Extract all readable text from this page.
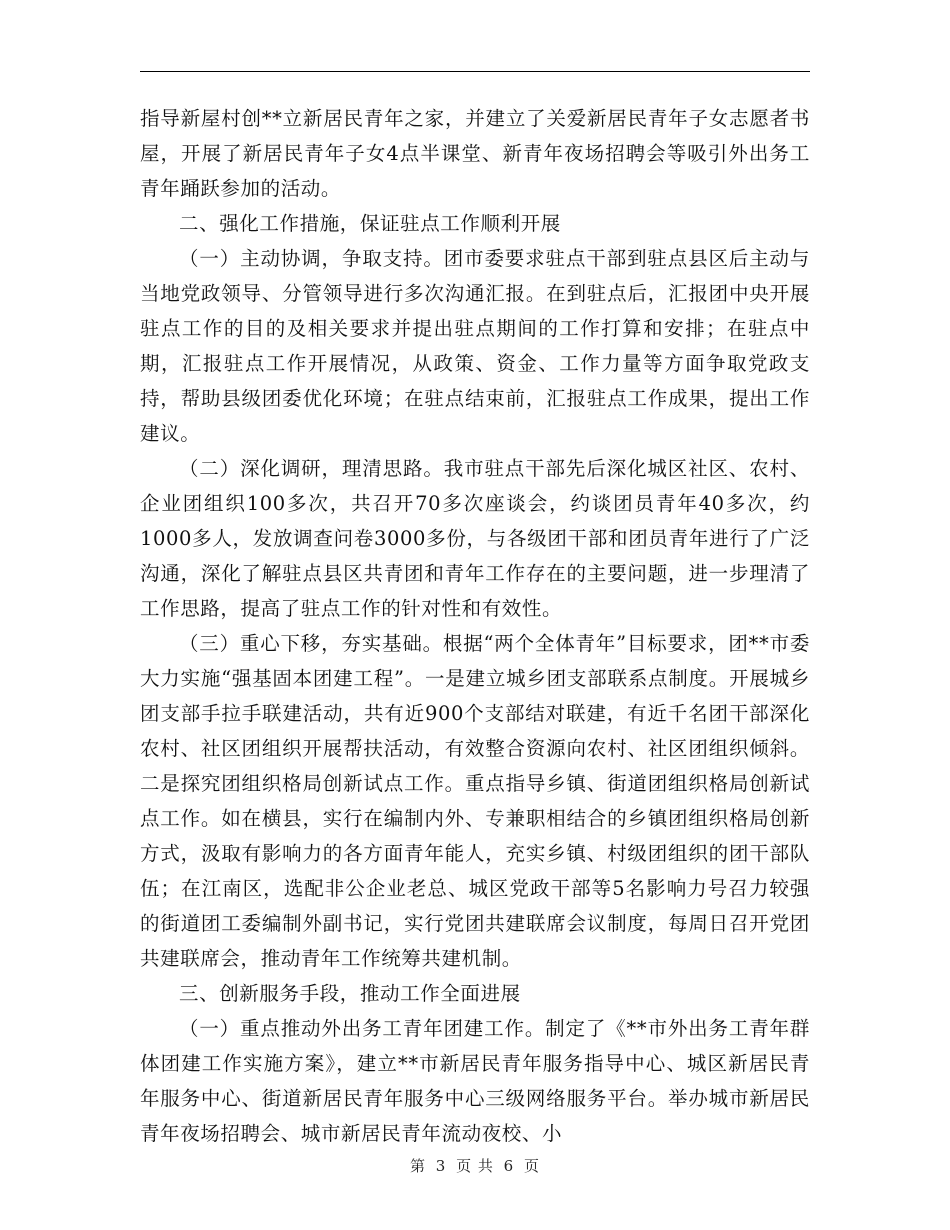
指导新屋村创**立新居民青年之家，并建立了关爱新居民青年子女志愿者书屋，开展了新居民青年子女4点半课堂、新青年夜场招聘会等吸引外出务工青年踊跃参加的活动。

二、强化工作措施，保证驻点工作顺利开展

（一）主动协调，争取支持。团市委要求驻点干部到驻点县区后主动与当地党政领导、分管领导进行多次沟通汇报。在到驻点后，汇报团中央开展驻点工作的目的及相关要求并提出驻点期间的工作打算和安排；在驻点中期，汇报驻点工作开展情况，从政策、资金、工作力量等方面争取党政支持，帮助县级团委优化环境；在驻点结束前，汇报驻点工作成果，提出工作建议。

（二）深化调研，理清思路。我市驻点干部先后深化城区社区、农村、企业团组织100多次，共召开70多次座谈会，约谈团员青年40多次，约1000多人，发放调查问卷3000多份，与各级团干部和团员青年进行了广泛沟通，深化了解驻点县区共青团和青年工作存在的主要问题，进一步理清了工作思路，提高了驻点工作的针对性和有效性。

（三）重心下移，夯实基础。根据“两个全体青年”目标要求，团**市委大力实施“强基固本团建工程”。一是建立城乡团支部联系点制度。开展城乡团支部手拉手联建活动，共有近900个支部结对联建，有近千名团干部深化农村、社区团组织开展帮扶活动，有效整合资源向农村、社区团组织倾斜。二是探究团组织格局创新试点工作。重点指导乡镇、街道团组织格局创新试点工作。如在横县，实行在编制内外、专兼职相结合的乡镇团组织格局创新方式，汲取有影响力的各方面青年能人，充实乡镇、村级团组织的团干部队伍；在江南区，选配非公企业老总、城区党政干部等5名影响力号召力较强的街道团工委编制外副书记，实行党团共建联席会议制度，每周日召开党团共建联席会，推动青年工作统筹共建机制。

三、创新服务手段，推动工作全面进展

（一）重点推动外出务工青年团建工作。制定了《**市外出务工青年群体团建工作实施方案》，建立**市新居民青年服务指导中心、城区新居民青年服务中心、街道新居民青年服务中心三级网络服务平台。举办城市新居民青年夜场招聘会、城市新居民青年流动夜校、小

第 3 页 共 6 页
